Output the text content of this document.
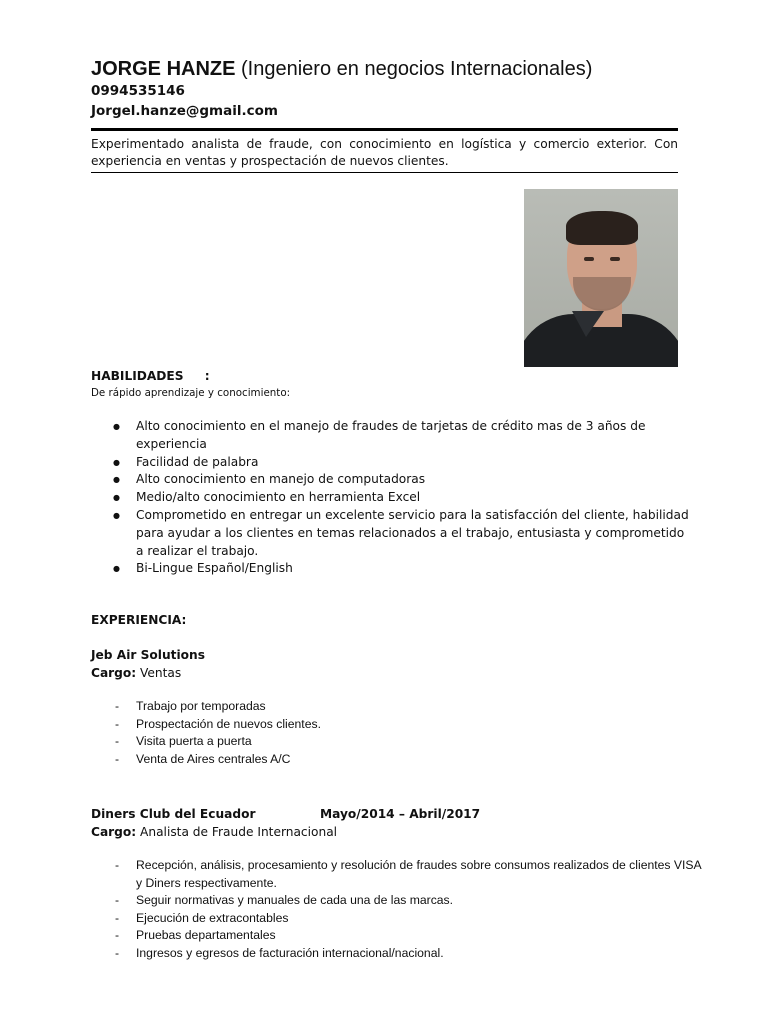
JORGE HANZE (Ingeniero en negocios Internacionales)
0994535146
Jorgel.hanze@gmail.com
Experimentado analista de fraude, con conocimiento en logística y comercio exterior. Con experiencia en ventas y prospectación de nuevos clientes.
HABILIDADES     :
De rápido aprendizaje y conocimiento:
● Alto conocimiento en el manejo de fraudes de tarjetas de crédito mas de 3 años de experiencia
● Facilidad de palabra
● Alto conocimiento en manejo de computadoras
● Medio/alto conocimiento en herramienta Excel
● Comprometido en entregar un excelente servicio para la satisfacción del cliente, habilidad para ayudar a los clientes en temas relacionados a el trabajo, entusiasta y comprometido a realizar el trabajo.
● Bi-Lingue Español/English
EXPERIENCIA:
Jeb Air Solutions
Cargo: Ventas
- Trabajo por temporadas
- Prospectación de nuevos clientes.
- Visita puerta a puerta
- Venta de Aires centrales A/C
Diners Club del Ecuador	Mayo/2014 – Abril/2017
Cargo: Analista de Fraude Internacional
- Recepción, análisis, procesamiento y resolución de fraudes sobre consumos realizados de clientes VISA y Diners respectivamente.
- Seguir normativas y manuales de cada una de las marcas.
- Ejecución de extracontables
- Pruebas departamentales
- Ingresos y egresos de facturación internacional/nacional.
